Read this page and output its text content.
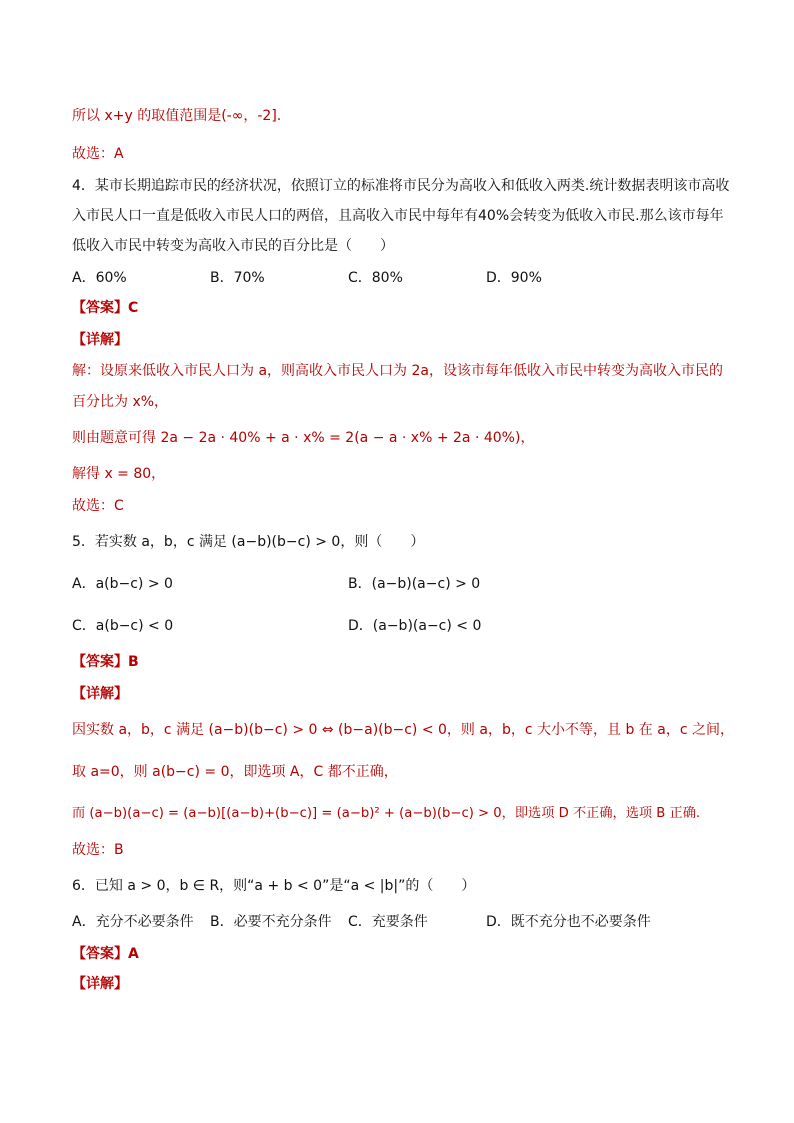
所以 x+y 的取值范围是(-∞，-2].
故选：A
4．某市长期追踪市民的经济状况，依照订立的标准将市民分为高收入和低收入两类.统计数据表明该市高收
入市民人口一直是低收入市民人口的两倍，且高收入市民中每年有40%会转变为低收入市民.那么该市每年
低收入市民中转变为高收入市民的百分比是（　　）
A．60%	B．70%	C．80%	D．90%
【答案】C
【详解】
解：设原来低收入市民人口为 a，则高收入市民人口为 2a，设该市每年低收入市民中转变为高收入市民的
百分比为 x%，
则由题意可得 2a − 2a · 40% + a · x% = 2(a − a · x% + 2a · 40%)，
解得 x = 80，
故选：C
5．若实数 a，b，c 满足 (a−b)(b−c) > 0，则（　　）
A．a(b−c) > 0	B．(a−b)(a−c) > 0
C．a(b−c) < 0	D．(a−b)(a−c) < 0
【答案】B
【详解】
因实数 a，b，c 满足 (a−b)(b−c) > 0 ⇔ (b−a)(b−c) < 0，则 a，b，c 大小不等，且 b 在 a，c 之间，
取 a=0，则 a(b−c) = 0，即选项 A，C 都不正确，
而 (a−b)(a−c) = (a−b)[(a−b)+(b−c)] = (a−b)² + (a−b)(b−c) > 0，即选项 D 不正确，选项 B 正确.
故选：B
6．已知 a > 0，b ∈ R，则“a + b < 0”是“a < |b|”的（　　）
A．充分不必要条件 B．必要不充分条件 C．充要条件	D．既不充分也不必要条件
【答案】A
【详解】
